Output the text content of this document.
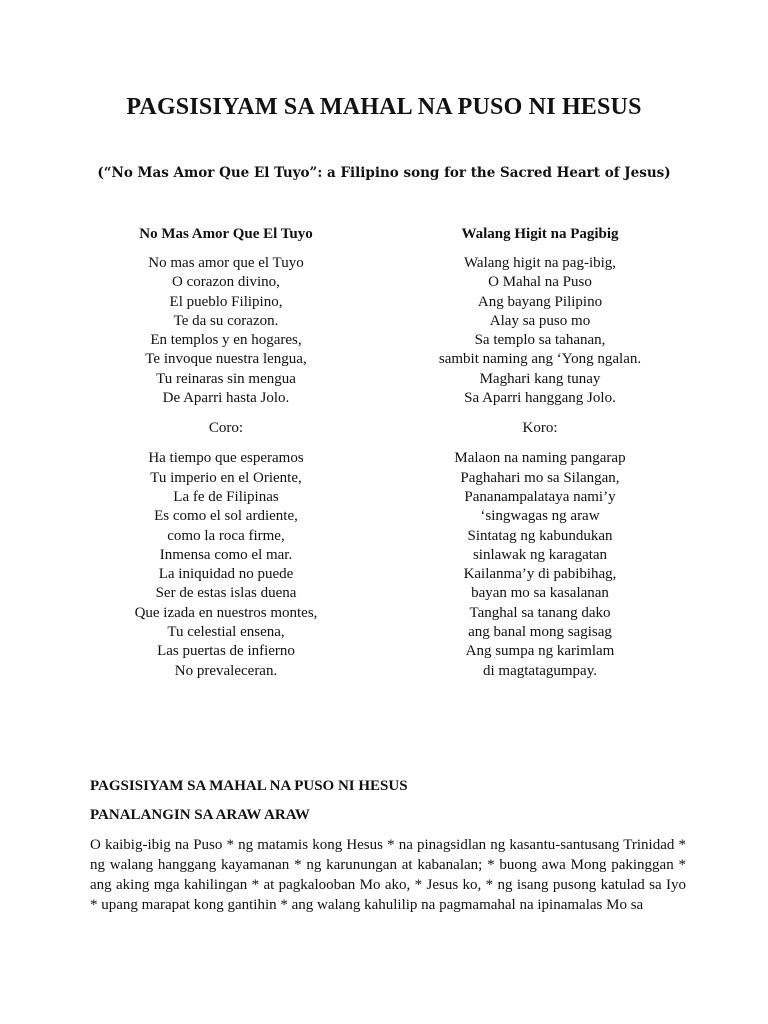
PAGSISIYAM SA MAHAL NA PUSO NI HESUS
(“No Mas Amor Que El Tuyo”: a Filipino song for the Sacred Heart of Jesus)
No Mas Amor Que El Tuyo
No mas amor que el Tuyo
O corazon divino,
El pueblo Filipino,
Te da su corazon.
En templos y en hogares,
Te invoque nuestra lengua,
Tu reinaras sin mengua
De Aparri hasta Jolo.
Coro:
Ha tiempo que esperamos
Tu imperio en el Oriente,
La fe de Filipinas
Es como el sol ardiente,
como la roca firme,
Inmensa como el mar.
La iniquidad no puede
Ser de estas islas duena
Que izada en nuestros montes,
Tu celestial ensena,
Las puertas de infierno
No prevaleceran.
Walang Higit na Pagibig
Walang higit na pag-ibig,
O Mahal na Puso
Ang bayang Pilipino
Alay sa puso mo
Sa templo sa tahanan,
sambit naming ang ‘Yong ngalan.
Maghari kang tunay
Sa Aparri hanggang Jolo.
Koro:
Malaon na naming pangarap
Paghahari mo sa Silangan,
Pananampalataya nami’y
‘singwagas ng araw
Sintatag ng kabundukan
sinlawak ng karagatan
Kailanma’y di pabibihag,
bayan mo sa kasalanan
Tanghal sa tanang dako
ang banal mong sagisag
Ang sumpa ng karimlam
di magtatagumpay.
PAGSISIYAM SA MAHAL NA PUSO NI HESUS
PANALANGIN SA ARAW ARAW

O kaibig-ibig na Puso * ng matamis kong Hesus * na pinagsidlan ng kasantu-santusang Trinidad * ng walang hanggang kayamanan * ng karunungan at kabanalan; * buong awa Mong pakinggan * ang aking mga kahilingan * at pagkalooban Mo ako, * Jesus ko, * ng isang pusong katulad sa Iyo * upang marapat kong gantihin * ang walang kahulilip na pagmamahal na ipinamalas Mo sa
